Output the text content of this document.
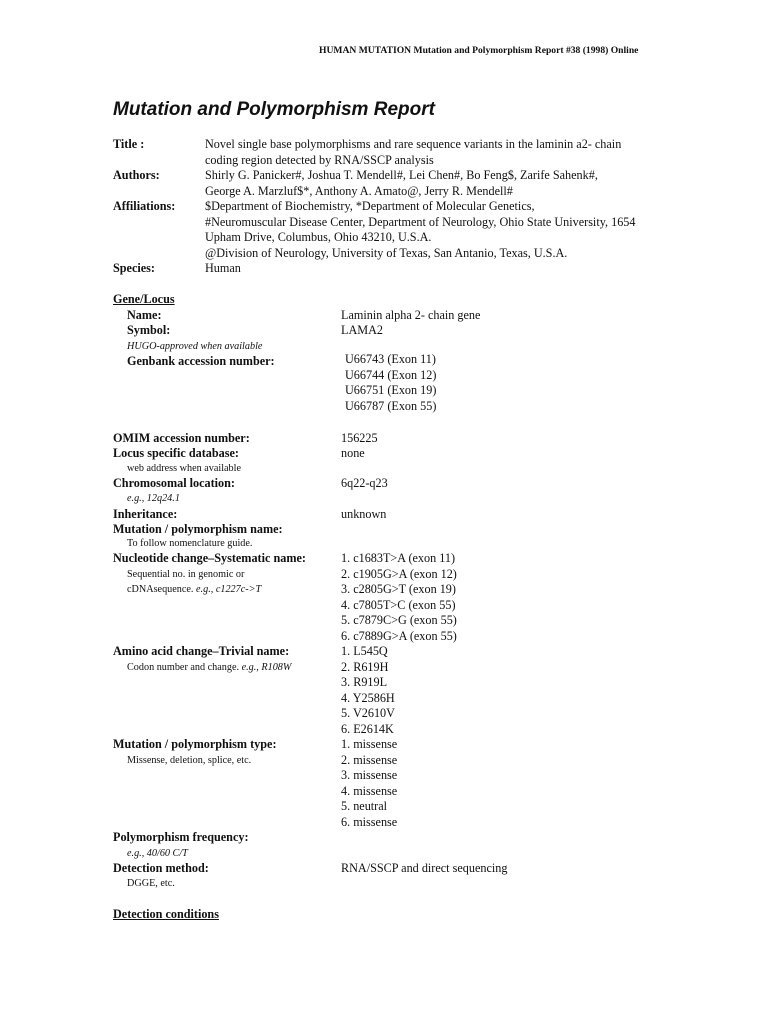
HUMAN MUTATION Mutation and Polymorphism Report #38 (1998) Online
Mutation and Polymorphism Report
Title :	Novel single base polymorphisms and rare sequence variants in the laminin a2- chain
coding region detected by RNA/SSCP analysis
Authors:	Shirly G. Panicker#, Joshua T. Mendell#, Lei Chen#, Bo Feng$, Zarife Sahenk#,
George A. Marzluf$*, Anthony A. Amato@, Jerry R. Mendell#
Affiliations: $Department of Biochemistry, *Department of Molecular Genetics,
#Neuromuscular Disease Center, Department of Neurology, Ohio State University, 1654
Upham Drive, Columbus, Ohio 43210, U.S.A.
@Division of Neurology, University of Texas, San Antanio, Texas, U.S.A.
Species:	Human
Gene/Locus
Name:	Laminin alpha 2- chain gene
Symbol:	LAMA2
HUGO-approved when available
Genbank accession number:	U66743 (Exon 11)
U66744 (Exon 12)
U66751 (Exon 19)
U66787 (Exon 55)
OMIM accession number:	156225
Locus specific database:	none
web address when available
Chromosomal location:	6q22-q23
e.g., 12q24.1
Inheritance:	unknown
Mutation / polymorphism name:
To follow nomenclature guide.
Nucleotide change–Systematic name:
Sequential no. in genomic or
cDNAsequence. e.g., c1227c->T
1. c1683T>A (exon 11)
2. c1905G>A (exon 12)
3. c2805G>T (exon 19)
4. c7805T>C (exon 55)
5. c7879C>G (exon 55)
6. c7889G>A (exon 55)
Amino acid change–Trivial name:
Codon number and change. e.g., R108W
1. L545Q
2. R619H
3. R919L
4. Y2586H
5. V2610V
6. E2614K
Mutation / polymorphism type:
Missense, deletion, splice, etc.
1. missense
2. missense
3. missense
4. missense
5. neutral
6. missense
Polymorphism frequency:
e.g., 40/60 C/T
Detection method:	RNA/SSCP and direct sequencing
DGGE, etc.
Detection conditions
